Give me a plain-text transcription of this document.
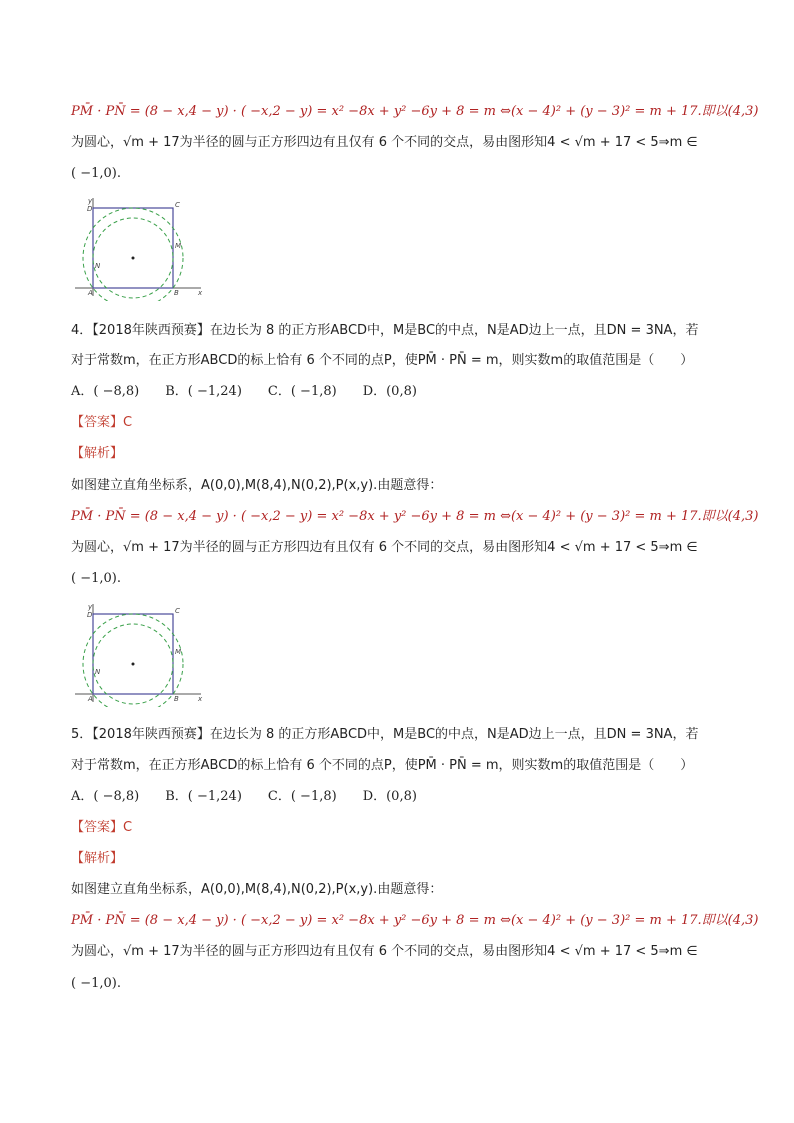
PM̄ · PN̄ = (8 − x,4 − y) · ( −x,2 − y) = x² −8x + y² −6y + 8 = m ⇔(x − 4)² + (y − 3)² = m + 17.即以(4,3)
为圆心，√m + 17为半径的圆与正方形四边有且仅有 6 个不同的交点，易由图形知4 < √m + 17 < 5⇒m ∈
( −1,0).
y
D	C
M
N
A	B	x
4．【2018年陕西预赛】在边长为 8 的正方形ABCD中，M是BC的中点，N是AD边上一点，且DN = 3NA，若
对于常数m，在正方形ABCD的标上恰有 6 个不同的点P，使PM̄ · PN̄ = m，则实数m的取值范围是（　　）
A．( −8,8)　　B．( −1,24)　　C．( −1,8)　　D．(0,8)
【答案】C
【解析】
如图建立直角坐标系，A(0,0),M(8,4),N(0,2),P(x,y).由题意得：
PM̄ · PN̄ = (8 − x,4 − y) · ( −x,2 − y) = x² −8x + y² −6y + 8 = m ⇔(x − 4)² + (y − 3)² = m + 17.即以(4,3)
为圆心，√m + 17为半径的圆与正方形四边有且仅有 6 个不同的交点，易由图形知4 < √m + 17 < 5⇒m ∈
( −1,0).
y
D	C
M
N
A	B	x
5．【2018年陕西预赛】在边长为 8 的正方形ABCD中，M是BC的中点，N是AD边上一点，且DN = 3NA，若
对于常数m，在正方形ABCD的标上恰有 6 个不同的点P，使PM̄ · PN̄ = m，则实数m的取值范围是（　　）
A．( −8,8)　　B．( −1,24)　　C．( −1,8)　　D．(0,8)
【答案】C
【解析】
如图建立直角坐标系，A(0,0),M(8,4),N(0,2),P(x,y).由题意得：
PM̄ · PN̄ = (8 − x,4 − y) · ( −x,2 − y) = x² −8x + y² −6y + 8 = m ⇔(x − 4)² + (y − 3)² = m + 17.即以(4,3)
为圆心，√m + 17为半径的圆与正方形四边有且仅有 6 个不同的交点，易由图形知4 < √m + 17 < 5⇒m ∈
( −1,0).
